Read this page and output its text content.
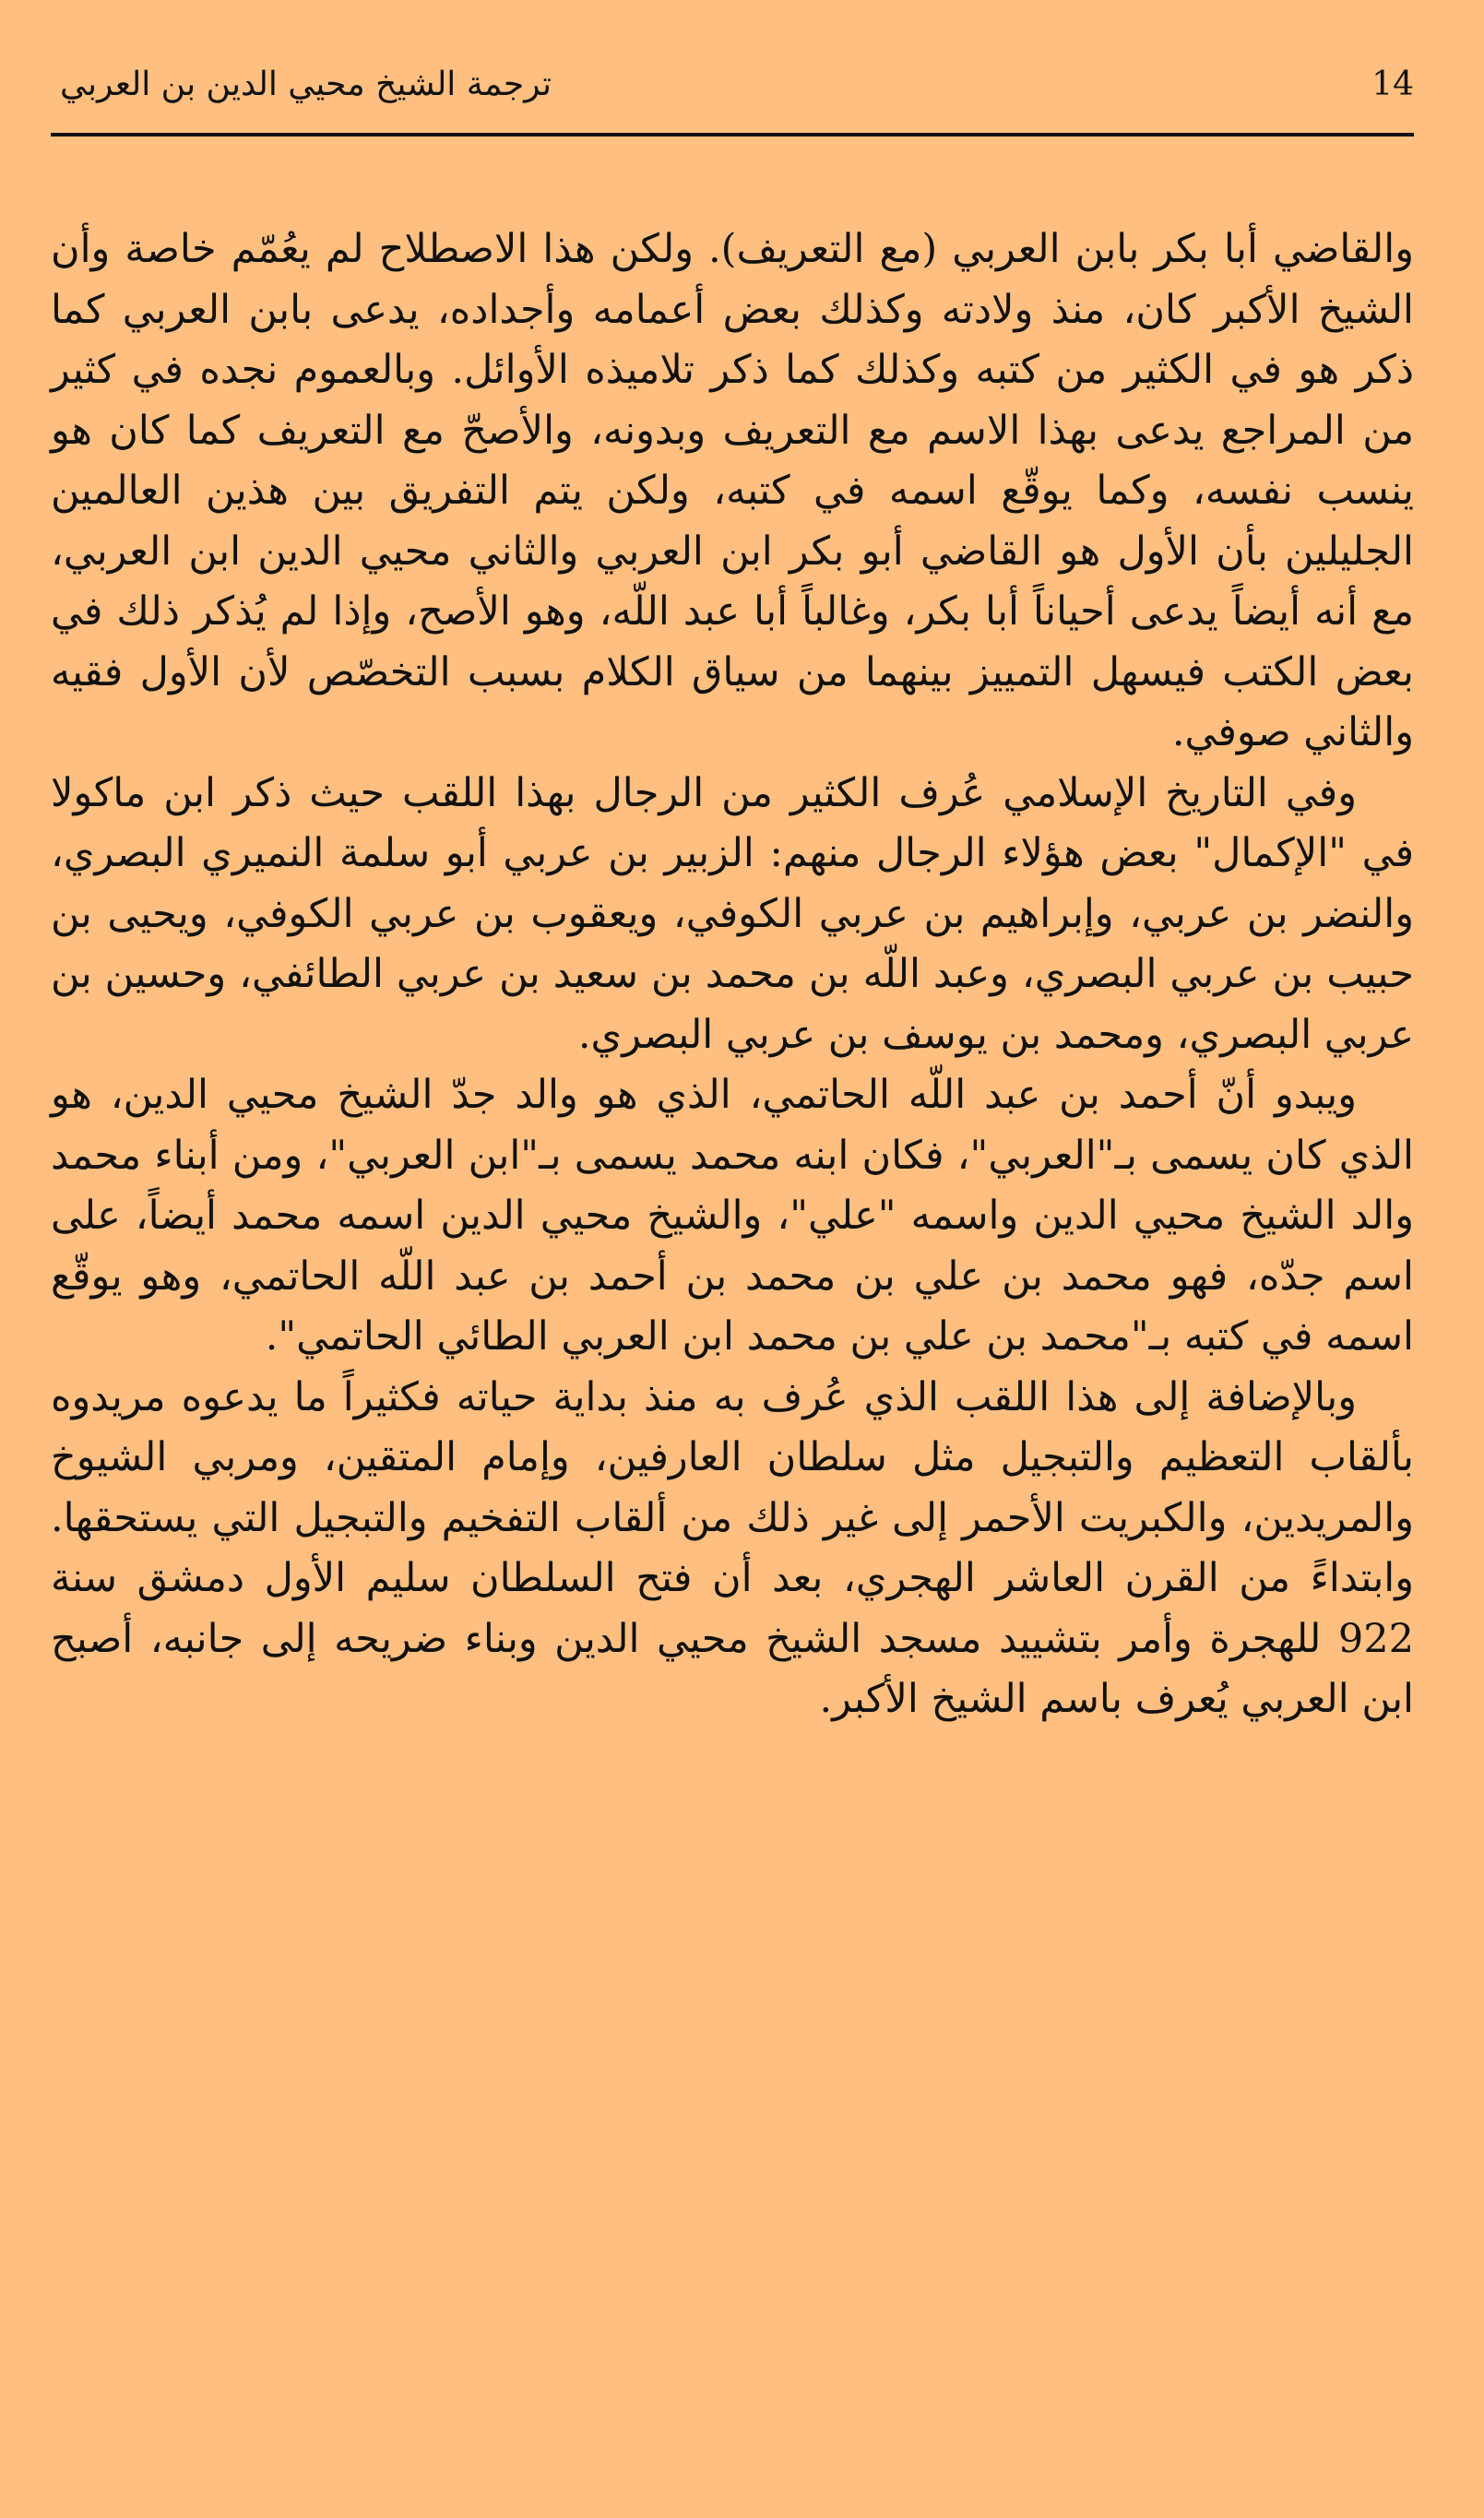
14
ترجمة الشيخ محيي الدين بن العربي

والقاضي أبا بكر بابن العربي (مع التعريف). ولكن هذا الاصطلاح لم يعُمّم خاصة وأن الشيخ الأكبر كان، منذ ولادته وكذلك بعض أعمامه وأجداده، يدعى بابن العربي كما ذكر هو في الكثير من كتبه وكذلك كما ذكر تلاميذه الأوائل. وبالعموم نجده في كثير من المراجع يدعى بهذا الاسم مع التعريف وبدونه، والأصحّ مع التعريف كما كان هو ينسب نفسه، وكما يوقّع اسمه في كتبه، ولكن يتم التفريق بين هذين العالمين الجليلين بأن الأول هو القاضي أبو بكر ابن العربي والثاني محيي الدين ابن العربي، مع أنه أيضاً يدعى أحياناً أبا بكر، وغالباً أبا عبد اللّه، وهو الأصح، وإذا لم يُذكر ذلك في بعض الكتب فيسهل التمييز بينهما من سياق الكلام بسبب التخصّص لأن الأول فقيه والثاني صوفي.

وفي التاريخ الإسلامي عُرف الكثير من الرجال بهذا اللقب حيث ذكر ابن ماكولا في "الإكمال" بعض هؤلاء الرجال منهم: الزبير بن عربي أبو سلمة النميري البصري، والنضر بن عربي، وإبراهيم بن عربي الكوفي، ويعقوب بن عربي الكوفي، ويحيى بن حبيب بن عربي البصري، وعبد اللّه بن محمد بن سعيد بن عربي الطائفي، وحسين بن عربي البصري، ومحمد بن يوسف بن عربي البصري.

ويبدو أنّ أحمد بن عبد اللّه الحاتمي، الذي هو والد جدّ الشيخ محيي الدين، هو الذي كان يسمى بـ"العربي"، فكان ابنه محمد يسمى بـ"ابن العربي"، ومن أبناء محمد والد الشيخ محيي الدين واسمه "علي"، والشيخ محيي الدين اسمه محمد أيضاً، على اسم جدّه، فهو محمد بن علي بن محمد بن أحمد بن عبد اللّه الحاتمي، وهو يوقّع اسمه في كتبه بـ"محمد بن علي بن محمد ابن العربي الطائي الحاتمي".

وبالإضافة إلى هذا اللقب الذي عُرف به منذ بداية حياته فكثيراً ما يدعوه مريدوه بألقاب التعظيم والتبجيل مثل سلطان العارفين، وإمام المتقين، ومربي الشيوخ والمريدين، والكبريت الأحمر إلى غير ذلك من ألقاب التفخيم والتبجيل التي يستحقها. وابتداءً من القرن العاشر الهجري، بعد أن فتح السلطان سليم الأول دمشق سنة 922 للهجرة وأمر بتشييد مسجد الشيخ محيي الدين وبناء ضريحه إلى جانبه، أصبح ابن العربي يُعرف باسم الشيخ الأكبر.
